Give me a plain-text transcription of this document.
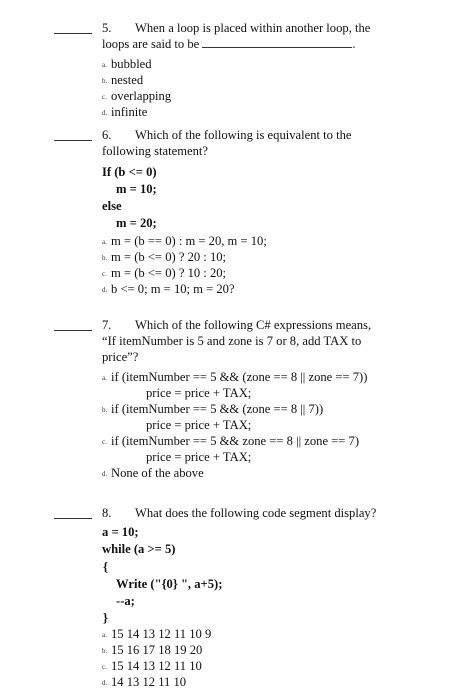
5. When a loop is placed within another loop, the
loops are said to be	.
a. bubbled
b. nested
c. overlapping
d. infinite
6. Which of the following is equivalent to the
following statement?
If (b <= 0)
m = 10;
else
m = 20;
a. m = (b == 0) : m = 20, m = 10;
b. m = (b <= 0) ? 20 : 10;
c. m = (b <= 0) ? 10 : 20;
d. b <= 0; m = 10; m = 20?
7. Which of the following C# expressions means,
“If itemNumber is 5 and zone is 7 or 8, add TAX to
price”?
a. if (itemNumber == 5 && (zone == 8 || zone == 7))
price = price + TAX;
b. if (itemNumber == 5 && (zone == 8 || 7))
price = price + TAX;
c. if (itemNumber == 5 && zone == 8 || zone == 7)
price = price + TAX;
d. None of the above
8. What does the following code segment display?
a = 10;
while (a >= 5)
{
Write ("{0} ", a+5);
--a;
}
a. 15 14 13 12 11 10 9
b. 15 16 17 18 19 20
c. 15 14 13 12 11 10
d. 14 13 12 11 10
